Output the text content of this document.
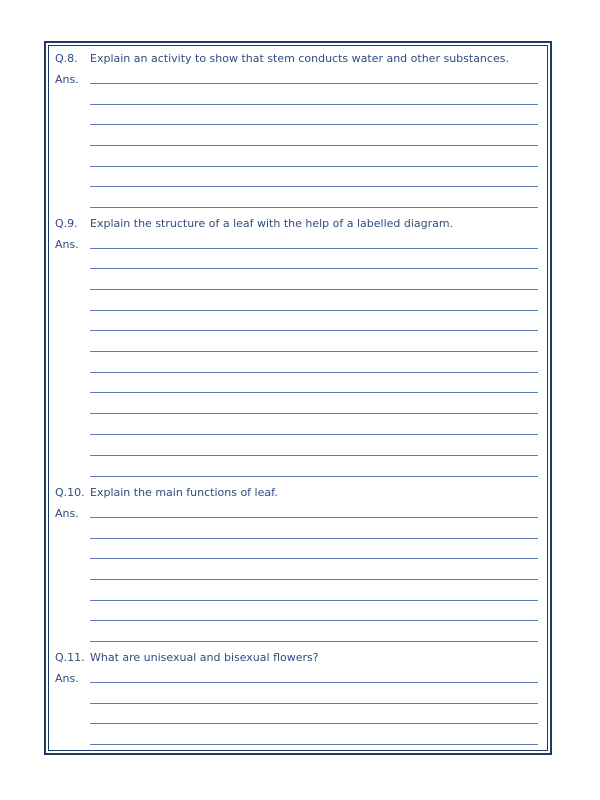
Q.8. Explain an activity to show that stem conducts water and other substances.
Ans.
Q.9. Explain the structure of a leaf with the help of a labelled diagram.
Ans.
Q.10. Explain the main functions of leaf.
Ans.
Q.11. What are unisexual and bisexual flowers?
Ans.
